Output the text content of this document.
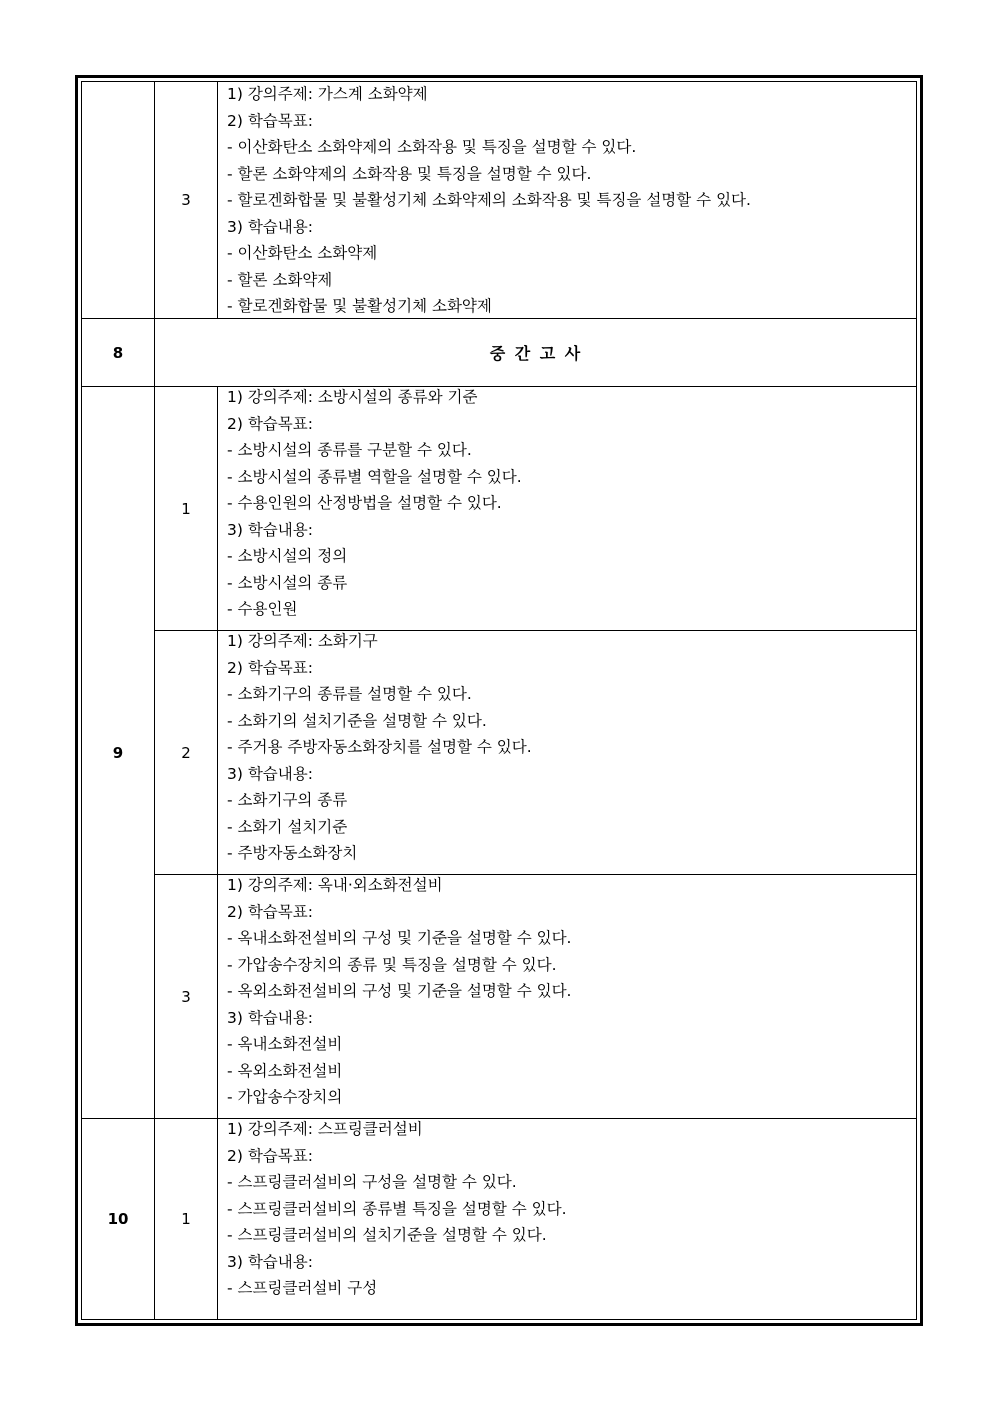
3
1) 강의주제: 가스계 소화약제
2) 학습목표:
- 이산화탄소 소화약제의 소화작용 및 특징을 설명할 수 있다.
- 할론 소화약제의 소화작용 및 특징을 설명할 수 있다.
- 할로겐화합물 및 불활성기체 소화약제의 소화작용 및 특징을 설명할 수 있다.
3) 학습내용:
- 이산화탄소 소화약제
- 할론 소화약제
- 할로겐화합물 및 불활성기체 소화약제
8	중 간 고 사
9
1
1) 강의주제: 소방시설의 종류와 기준
2) 학습목표:
- 소방시설의 종류를 구분할 수 있다.
- 소방시설의 종류별 역할을 설명할 수 있다.
- 수용인원의 산정방법을 설명할 수 있다.
3) 학습내용:
- 소방시설의 정의
- 소방시설의 종류
- 수용인원
2
1) 강의주제: 소화기구
2) 학습목표:
- 소화기구의 종류를 설명할 수 있다.
- 소화기의 설치기준을 설명할 수 있다.
- 주거용 주방자동소화장치를 설명할 수 있다.
3) 학습내용:
- 소화기구의 종류
- 소화기 설치기준
- 주방자동소화장치
3
1) 강의주제: 옥내·외소화전설비
2) 학습목표:
- 옥내소화전설비의 구성 및 기준을 설명할 수 있다.
- 가압송수장치의 종류 및 특징을 설명할 수 있다.
- 옥외소화전설비의 구성 및 기준을 설명할 수 있다.
3) 학습내용:
- 옥내소화전설비
- 옥외소화전설비
- 가압송수장치의
10	1
1) 강의주제: 스프링클러설비
2) 학습목표:
- 스프링클러설비의 구성을 설명할 수 있다.
- 스프링클러설비의 종류별 특징을 설명할 수 있다.
- 스프링클러설비의 설치기준을 설명할 수 있다.
3) 학습내용:
- 스프링클러설비 구성
